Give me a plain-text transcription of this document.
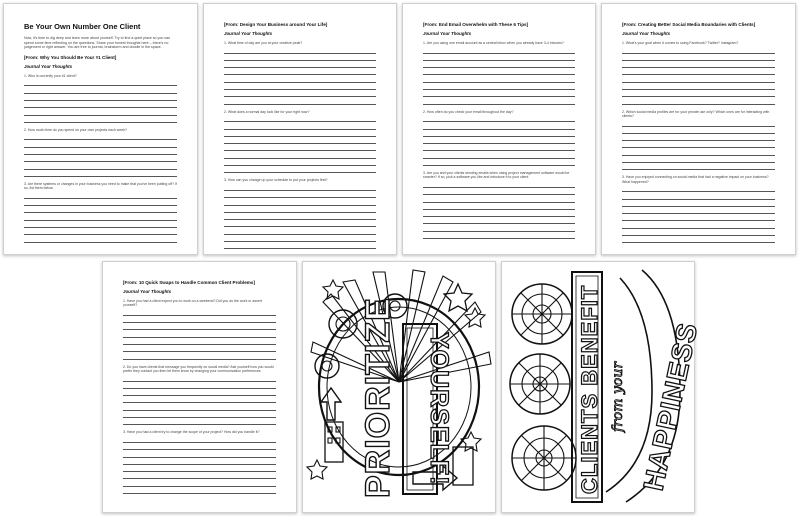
Be Your Own Number One Client
Now, it's time to dig deep and learn more about yourself. Try to find a quiet place so you can spend some time reflecting on the questions. Share your honest thoughts here – there's no judgement or right answer. You are free to journal, brainstorm and doodle in the space.
[From: Why You Should Be Your #1 Client]
Journal Your Thoughts
1. Who is currently your #1 client?
2. How much time do you spend on your own projects each week?
3. Are there systems or changes in your business you need to make that you've been putting off? If so, list them below.
[From: Design Your Business around Your Life]
Journal Your Thoughts
1. What time of day are you at your creative peak?
2. What does a normal day look like for your right now?
3. How can you change up your schedule to put your projects first?
[From: End Email Overwhelm with These 6 Tips]
Journal Your Thoughts
1. Are you using one email account as a central inbox when you already have 3-4 inboxes?
2. How often do you check your email throughout the day?
3. Are you and your clients sending emails when using project management software would be smarter? If so, pick a software you like and introduce it to your client.
[From: Creating Better Social Media Boundaries with Clients]
Journal Your Thoughts
1. What's your goal when it comes to using Facebook? Twitter? Instagram?
2. Which social media profiles are for your private use only? Which ones are for interacting with clients?
3. Have you enjoyed connecting on social media that had a negative impact on your business? What happened?
[From: 10 Quick Swaps to Handle Common Client Problems]
Journal Your Thoughts
1. Have you had a client expect you to work on a weekend? Did you do the work or assert yourself?
2. Do you have clients that message you frequently on social media? Ask yourself how you would prefer they contact you then let them know by changing your communication preferences.
3. Have you had a client try to change the scope of your project? How did you handle it?	PRIORITIZE YOURSELF!	CLIENTS BENEFIT from your HAPPINESS
